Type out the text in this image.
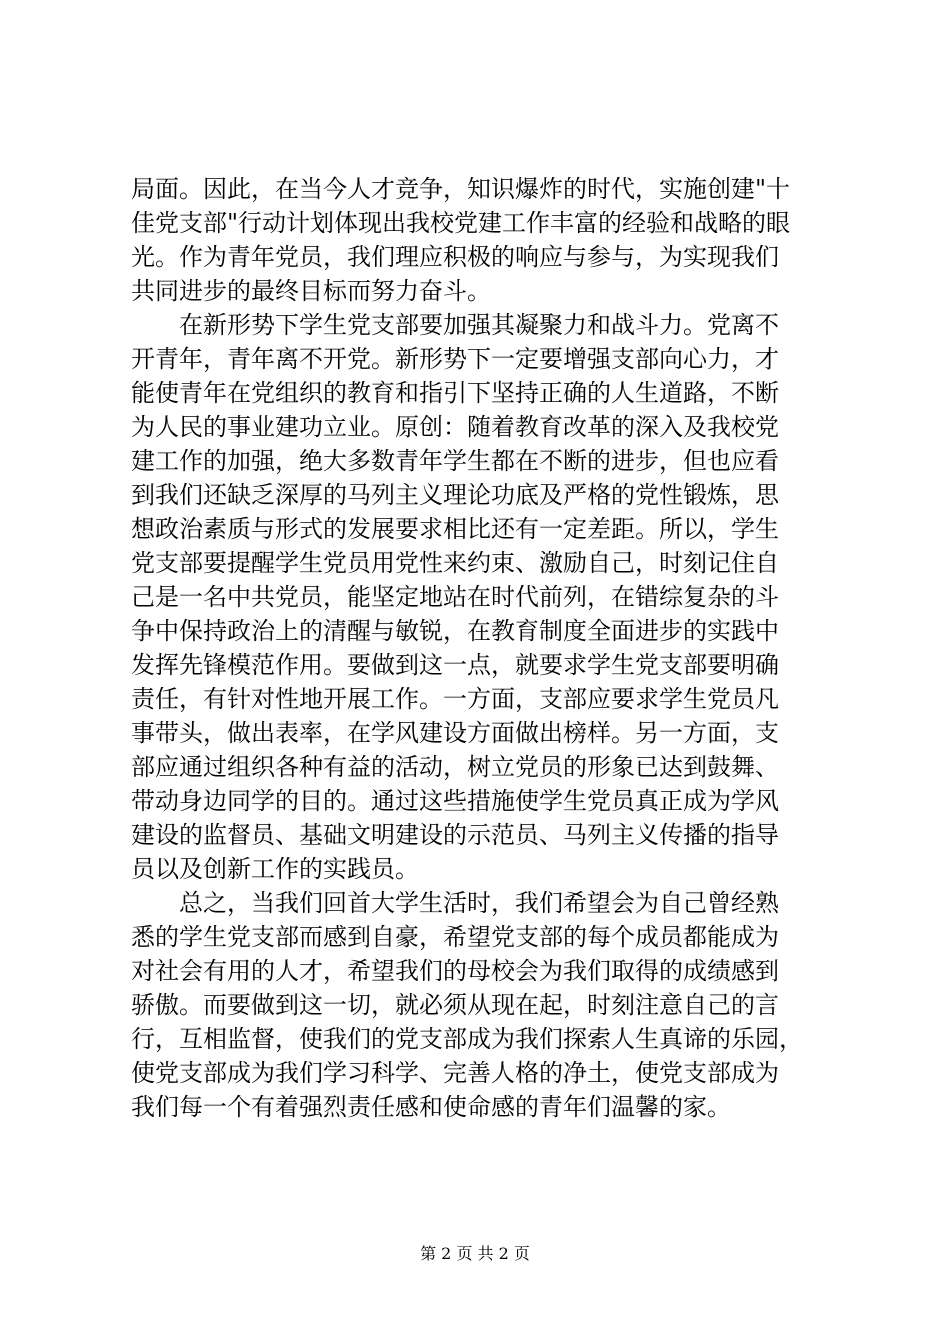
局面。因此，在当今人才竞争，知识爆炸的时代，实施创建"十
佳党支部"行动计划体现出我校党建工作丰富的经验和战略的眼
光。作为青年党员，我们理应积极的响应与参与，为实现我们
共同进步的最终目标而努力奋斗。
在新形势下学生党支部要加强其凝聚力和战斗力。党离不
开青年，青年离不开党。新形势下一定要增强支部向心力，才
能使青年在党组织的教育和指引下坚持正确的人生道路，不断
为人民的事业建功立业。原创：随着教育改革的深入及我校党
建工作的加强，绝大多数青年学生都在不断的进步，但也应看
到我们还缺乏深厚的马列主义理论功底及严格的党性锻炼，思
想政治素质与形式的发展要求相比还有一定差距。所以，学生
党支部要提醒学生党员用党性来约束、激励自己，时刻记住自
己是一名中共党员，能坚定地站在时代前列，在错综复杂的斗
争中保持政治上的清醒与敏锐，在教育制度全面进步的实践中
发挥先锋模范作用。要做到这一点，就要求学生党支部要明确
责任，有针对性地开展工作。一方面，支部应要求学生党员凡
事带头，做出表率，在学风建设方面做出榜样。另一方面，支
部应通过组织各种有益的活动，树立党员的形象已达到鼓舞、
带动身边同学的目的。通过这些措施使学生党员真正成为学风
建设的监督员、基础文明建设的示范员、马列主义传播的指导
员以及创新工作的实践员。
总之，当我们回首大学生活时，我们希望会为自己曾经熟
悉的学生党支部而感到自豪，希望党支部的每个成员都能成为
对社会有用的人才，希望我们的母校会为我们取得的成绩感到
骄傲。而要做到这一切，就必须从现在起，时刻注意自己的言
行，互相监督，使我们的党支部成为我们探索人生真谛的乐园，
使党支部成为我们学习科学、完善人格的净土，使党支部成为
我们每一个有着强烈责任感和使命感的青年们温馨的家。
第 2 页 共 2 页
